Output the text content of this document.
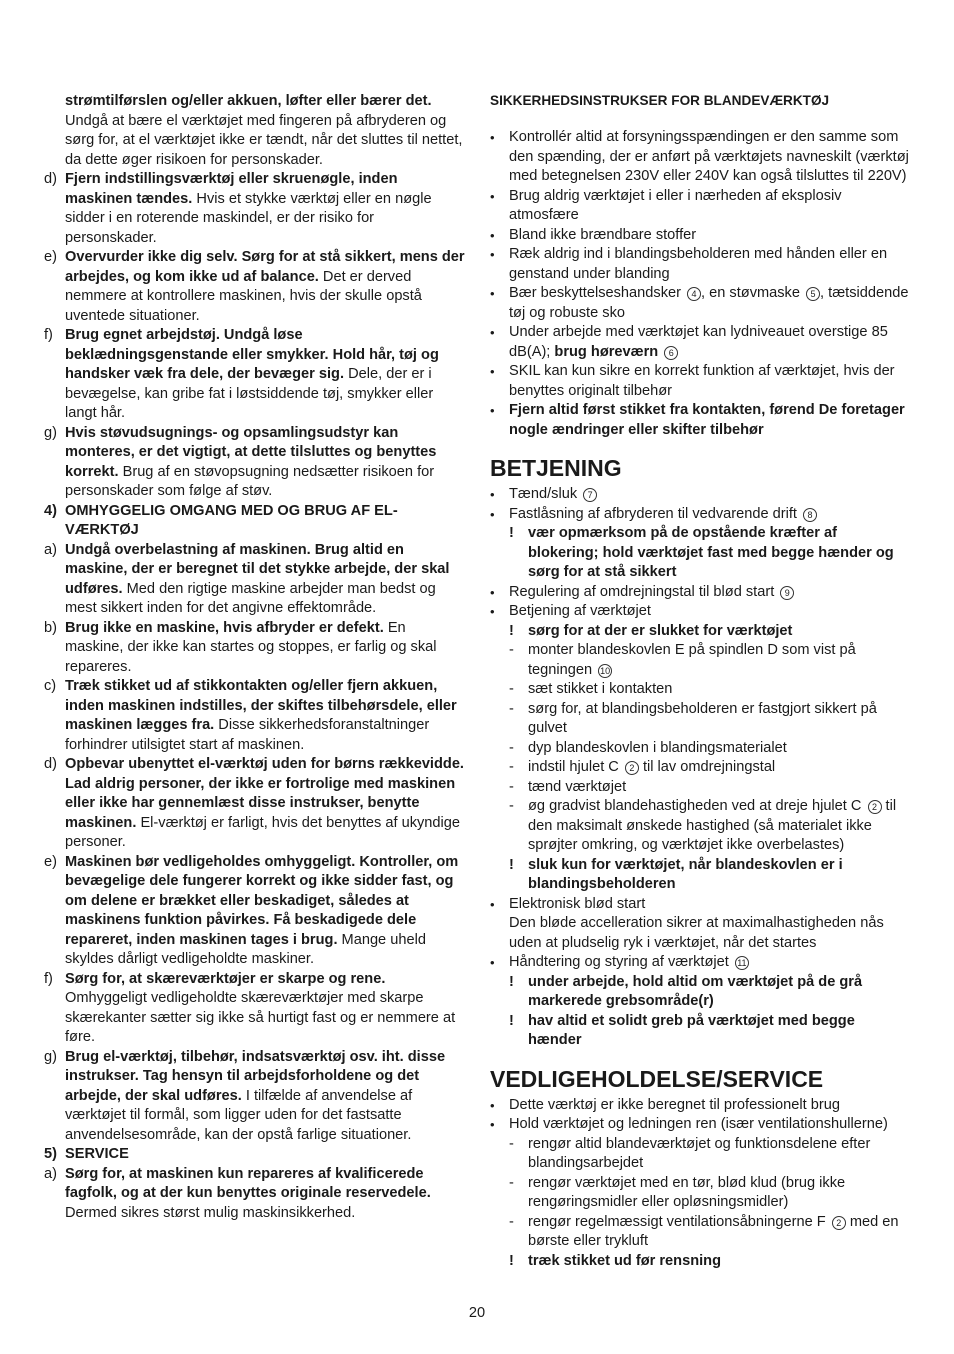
strømtilførslen og/eller akkuen, løfter eller bærer det. Undgå at bære el værktøjet med fingeren på afbryderen og sørg for, at el værktøjet ikke er tændt, når det sluttes til nettet, da dette øger risikoen for personskader.
d) Fjern indstillingsværktøj eller skruenøgle, inden maskinen tændes. Hvis et stykke værktøj eller en nøgle sidder i en roterende maskindel, er der risiko for personskader.
e) Overvurder ikke dig selv. Sørg for at stå sikkert, mens der arbejdes, og kom ikke ud af balance. Det er derved nemmere at kontrollere maskinen, hvis der skulle opstå uventede situationer.
f) Brug egnet arbejdstøj. Undgå løse beklædningsgenstande eller smykker. Hold hår, tøj og handsker væk fra dele, der bevæger sig. Dele, der er i bevægelse, kan gribe fat i løstsiddende tøj, smykker eller langt hår.
g) Hvis støvudsugnings- og opsamlingsudstyr kan monteres, er det vigtigt, at dette tilsluttes og benyttes korrekt. Brug af en støvopsugning nedsætter risikoen for personskader som følge af støv.
4) OMHYGGELIG OMGANG MED OG BRUG AF EL-VÆRKTØJ
a) Undgå overbelastning af maskinen. Brug altid en maskine, der er beregnet til det stykke arbejde, der skal udføres. Med den rigtige maskine arbejder man bedst og mest sikkert inden for det angivne effektområde.
b) Brug ikke en maskine, hvis afbryder er defekt. En maskine, der ikke kan startes og stoppes, er farlig og skal repareres.
c) Træk stikket ud af stikkontakten og/eller fjern akkuen, inden maskinen indstilles, der skiftes tilbehørsdele, eller maskinen lægges fra. Disse sikkerhedsforanstaltninger forhindrer utilsigtet start af maskinen.
d) Opbevar ubenyttet el-værktøj uden for børns rækkevidde. Lad aldrig personer, der ikke er fortrolige med maskinen eller ikke har gennemlæst disse instrukser, benytte maskinen. El-værktøj er farligt, hvis det benyttes af ukyndige personer.
e) Maskinen bør vedligeholdes omhyggeligt. Kontroller, om bevægelige dele fungerer korrekt og ikke sidder fast, og om delene er brækket eller beskadiget, således at maskinens funktion påvirkes. Få beskadigede dele repareret, inden maskinen tages i brug. Mange uheld skyldes dårligt vedligeholdte maskiner.
f) Sørg for, at skæreværktøjer er skarpe og rene. Omhyggeligt vedligeholdte skæreværktøjer med skarpe skærekanter sætter sig ikke så hurtigt fast og er nemmere at føre.
g) Brug el-værktøj, tilbehør, indsatsværktøj osv. iht. disse instrukser. Tag hensyn til arbejdsforholdene og det arbejde, der skal udføres. I tilfælde af anvendelse af værktøjet til formål, som ligger uden for det fastsatte anvendelsesområde, kan der opstå farlige situationer.
5) SERVICE
a) Sørg for, at maskinen kun repareres af kvalificerede fagfolk, og at der kun benyttes originale reservedele. Dermed sikres størst mulig maskinsikkerhed.
SIKKERHEDSINSTRUKSER FOR BLANDEVÆRKTØJ
• Kontrollér altid at forsyningsspændingen er den samme som den spænding, der er anført på værktøjets navneskilt (værktøj med betegnelsen 230V eller 240V kan også tilsluttes til 220V)
• Brug aldrig værktøjet i eller i nærheden af eksplosiv atmosfære
• Bland ikke brændbare stoffer
• Ræk aldrig ind i blandingsbeholderen med hånden eller en genstand under blanding
• Bær beskyttelseshandsker 4 , en støvmaske 5 , tætsiddende tøj og robuste sko
• Under arbejde med værktøjet kan lydniveauet overstige 85 dB(A); brug høreværn 6
• SKIL kan kun sikre en korrekt funktion af værktøjet, hvis der benyttes originalt tilbehør
• Fjern altid først stikket fra kontakten, førend De foretager nogle ændringer eller skifter tilbehør
BETJENING
• Tænd/sluk 7
• Fastlåsning af afbryderen til vedvarende drift 8
! vær opmærksom på de opstående kræfter af blokering; hold værktøjet fast med begge hænder og sørg for at stå sikkert
• Regulering af omdrejningstal til blød start 9
• Betjening af værktøjet
! sørg for at der er slukket for værktøjet
- monter blandeskovlen E på spindlen D som vist på tegningen 10
- sæt stikket i kontakten
- sørg for, at blandingsbeholderen er fastgjort sikkert på gulvet
- dyp blandeskovlen i blandingsmaterialet
- indstil hjulet C 2 til lav omdrejningstal
- tænd værktøjet
- øg gradvist blandehastigheden ved at dreje hjulet C 2 til den maksimalt ønskede hastighed (så materialet ikke sprøjter omkring, og værktøjet ikke overbelastes)
! sluk kun for værktøjet, når blandeskovlen er i blandingsbeholderen
• Elektronisk blød start
Den bløde accelleration sikrer at maximalhastigheden nås uden at pludselig ryk i værktøjet, når det startes
• Håndtering og styring af værktøjet 11
! under arbejde, hold altid om værktøjet på de grå markerede grebsområde(r)
! hav altid et solidt greb på værktøjet med begge hænder
VEDLIGEHOLDELSE/SERVICE
• Dette værktøj er ikke beregnet til professionelt brug
• Hold værktøjet og ledningen ren (især ventilationshullerne)
- rengør altid blandeværktøjet og funktionsdelene efter blandingsarbejdet
- rengør værktøjet med en tør, blød klud (brug ikke rengøringsmidler eller opløsningsmidler)
- rengør regelmæssigt ventilationsåbningerne F 2 med en børste eller trykluft
! træk stikket ud før rensning
20
